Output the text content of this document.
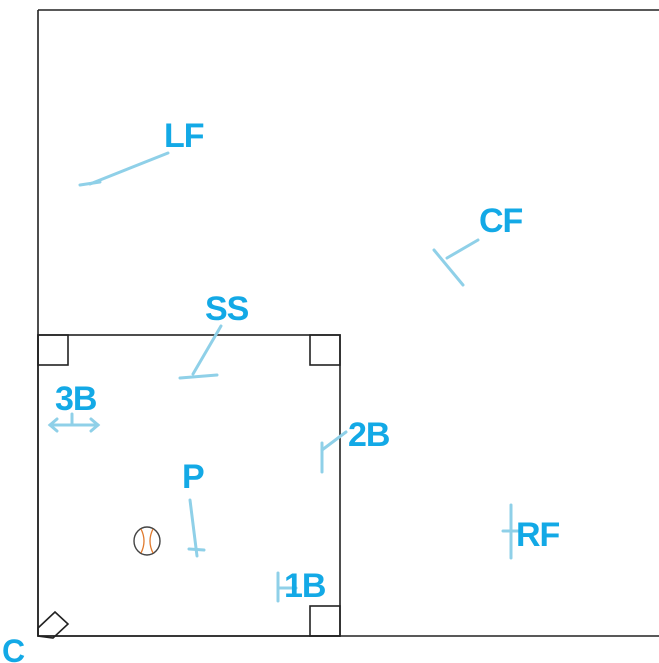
LF
CF
SS
3B
2B
P
RF
1B
C
